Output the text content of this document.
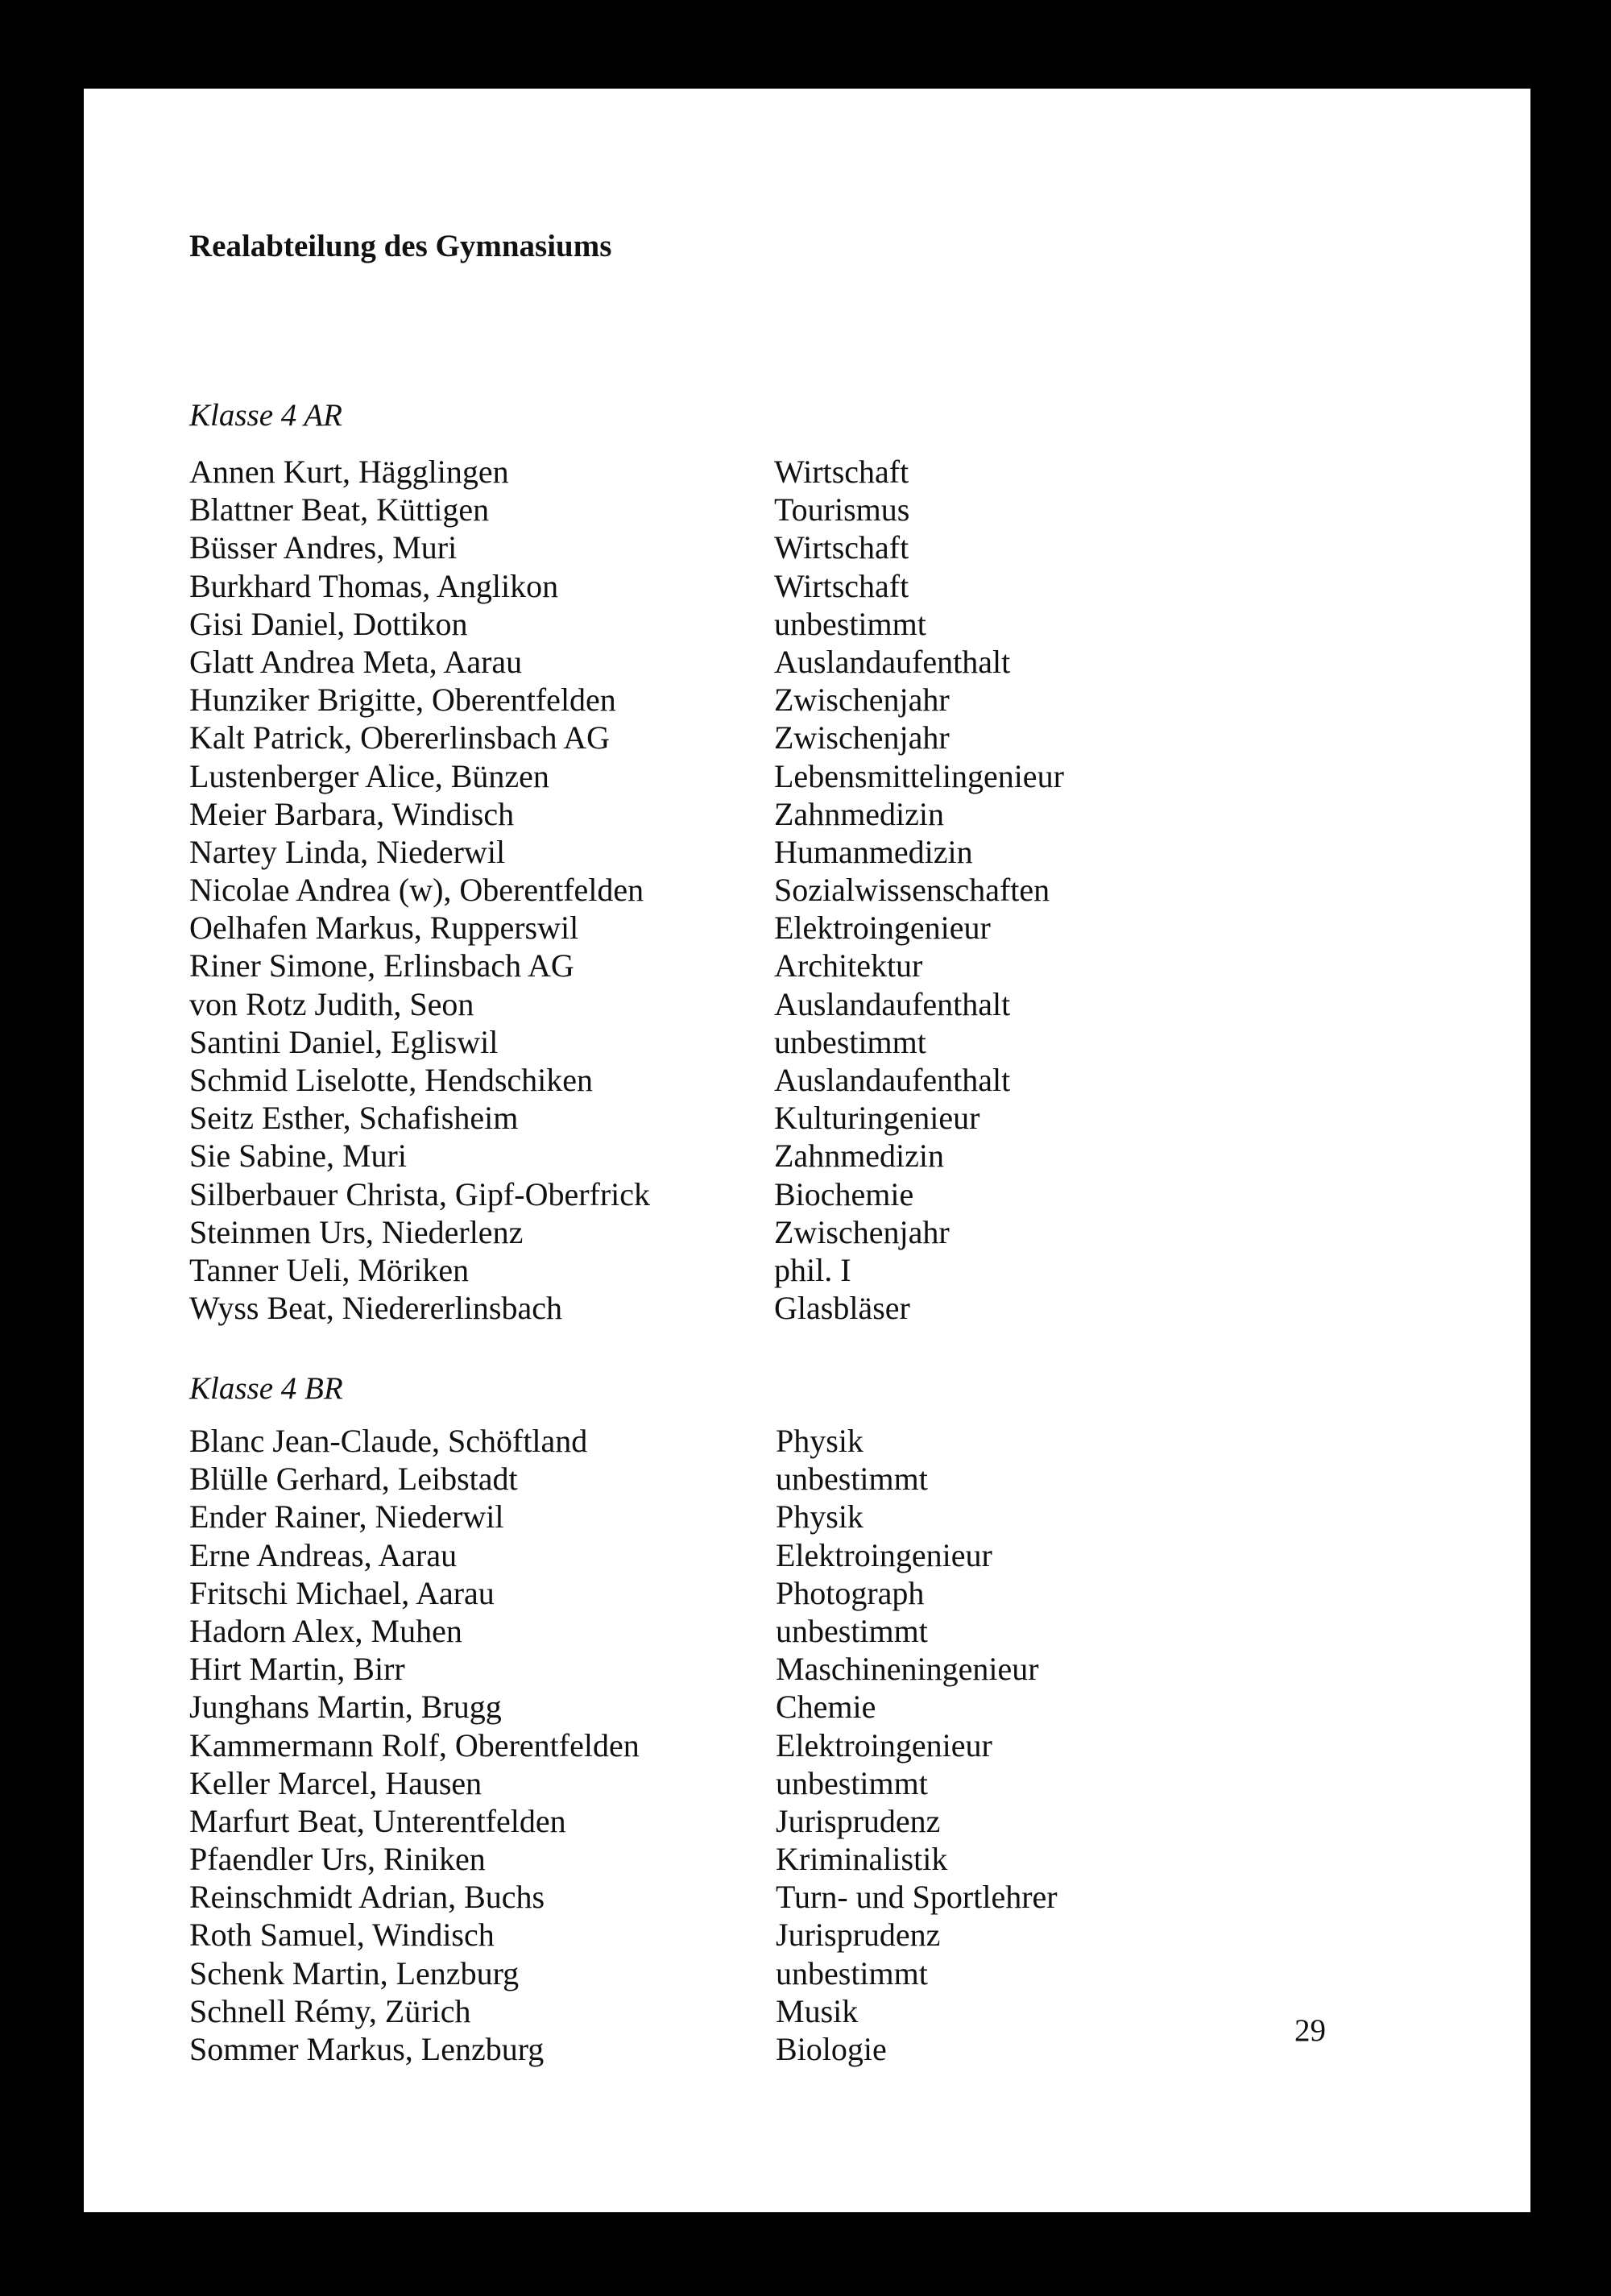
Realabteilung des Gymnasiums
Klasse 4 AR
Annen Kurt, Hägglingen	Wirtschaft
Blattner Beat, Küttigen	Tourismus
Büsser Andres, Muri	Wirtschaft
Burkhard Thomas, Anglikon	Wirtschaft
Gisi Daniel, Dottikon	unbestimmt
Glatt Andrea Meta, Aarau	Auslandaufenthalt
Hunziker Brigitte, Oberentfelden	Zwischenjahr
Kalt Patrick, Obererlinsbach AG	Zwischenjahr
Lustenberger Alice, Bünzen	Lebensmittelingenieur
Meier Barbara, Windisch	Zahnmedizin
Nartey Linda, Niederwil	Humanmedizin
Nicolae Andrea (w), Oberentfelden	Sozialwissenschaften
Oelhafen Markus, Rupperswil	Elektroingenieur
Riner Simone, Erlinsbach AG	Architektur
von Rotz Judith, Seon	Auslandaufenthalt
Santini Daniel, Egliswil	unbestimmt
Schmid Liselotte, Hendschiken	Auslandaufenthalt
Seitz Esther, Schafisheim	Kulturingenieur
Sie Sabine, Muri	Zahnmedizin
Silberbauer Christa, Gipf-Oberfrick	Biochemie
Steinmen Urs, Niederlenz	Zwischenjahr
Tanner Ueli, Möriken	phil. I
Wyss Beat, Niedererlinsbach	Glasbläser
Klasse 4 BR
Blanc Jean-Claude, Schöftland	Physik
Blülle Gerhard, Leibstadt	unbestimmt
Ender Rainer, Niederwil	Physik
Erne Andreas, Aarau	Elektroingenieur
Fritschi Michael, Aarau	Photograph
Hadorn Alex, Muhen	unbestimmt
Hirt Martin, Birr	Maschineningenieur
Junghans Martin, Brugg	Chemie
Kammermann Rolf, Oberentfelden	Elektroingenieur
Keller Marcel, Hausen	unbestimmt
Marfurt Beat, Unterentfelden	Jurisprudenz
Pfaendler Urs, Riniken	Kriminalistik
Reinschmidt Adrian, Buchs	Turn- und Sportlehrer
Roth Samuel, Windisch	Jurisprudenz
Schenk Martin, Lenzburg	unbestimmt
Schnell Rémy, Zürich	Musik
Sommer Markus, Lenzburg	Biologie
29
